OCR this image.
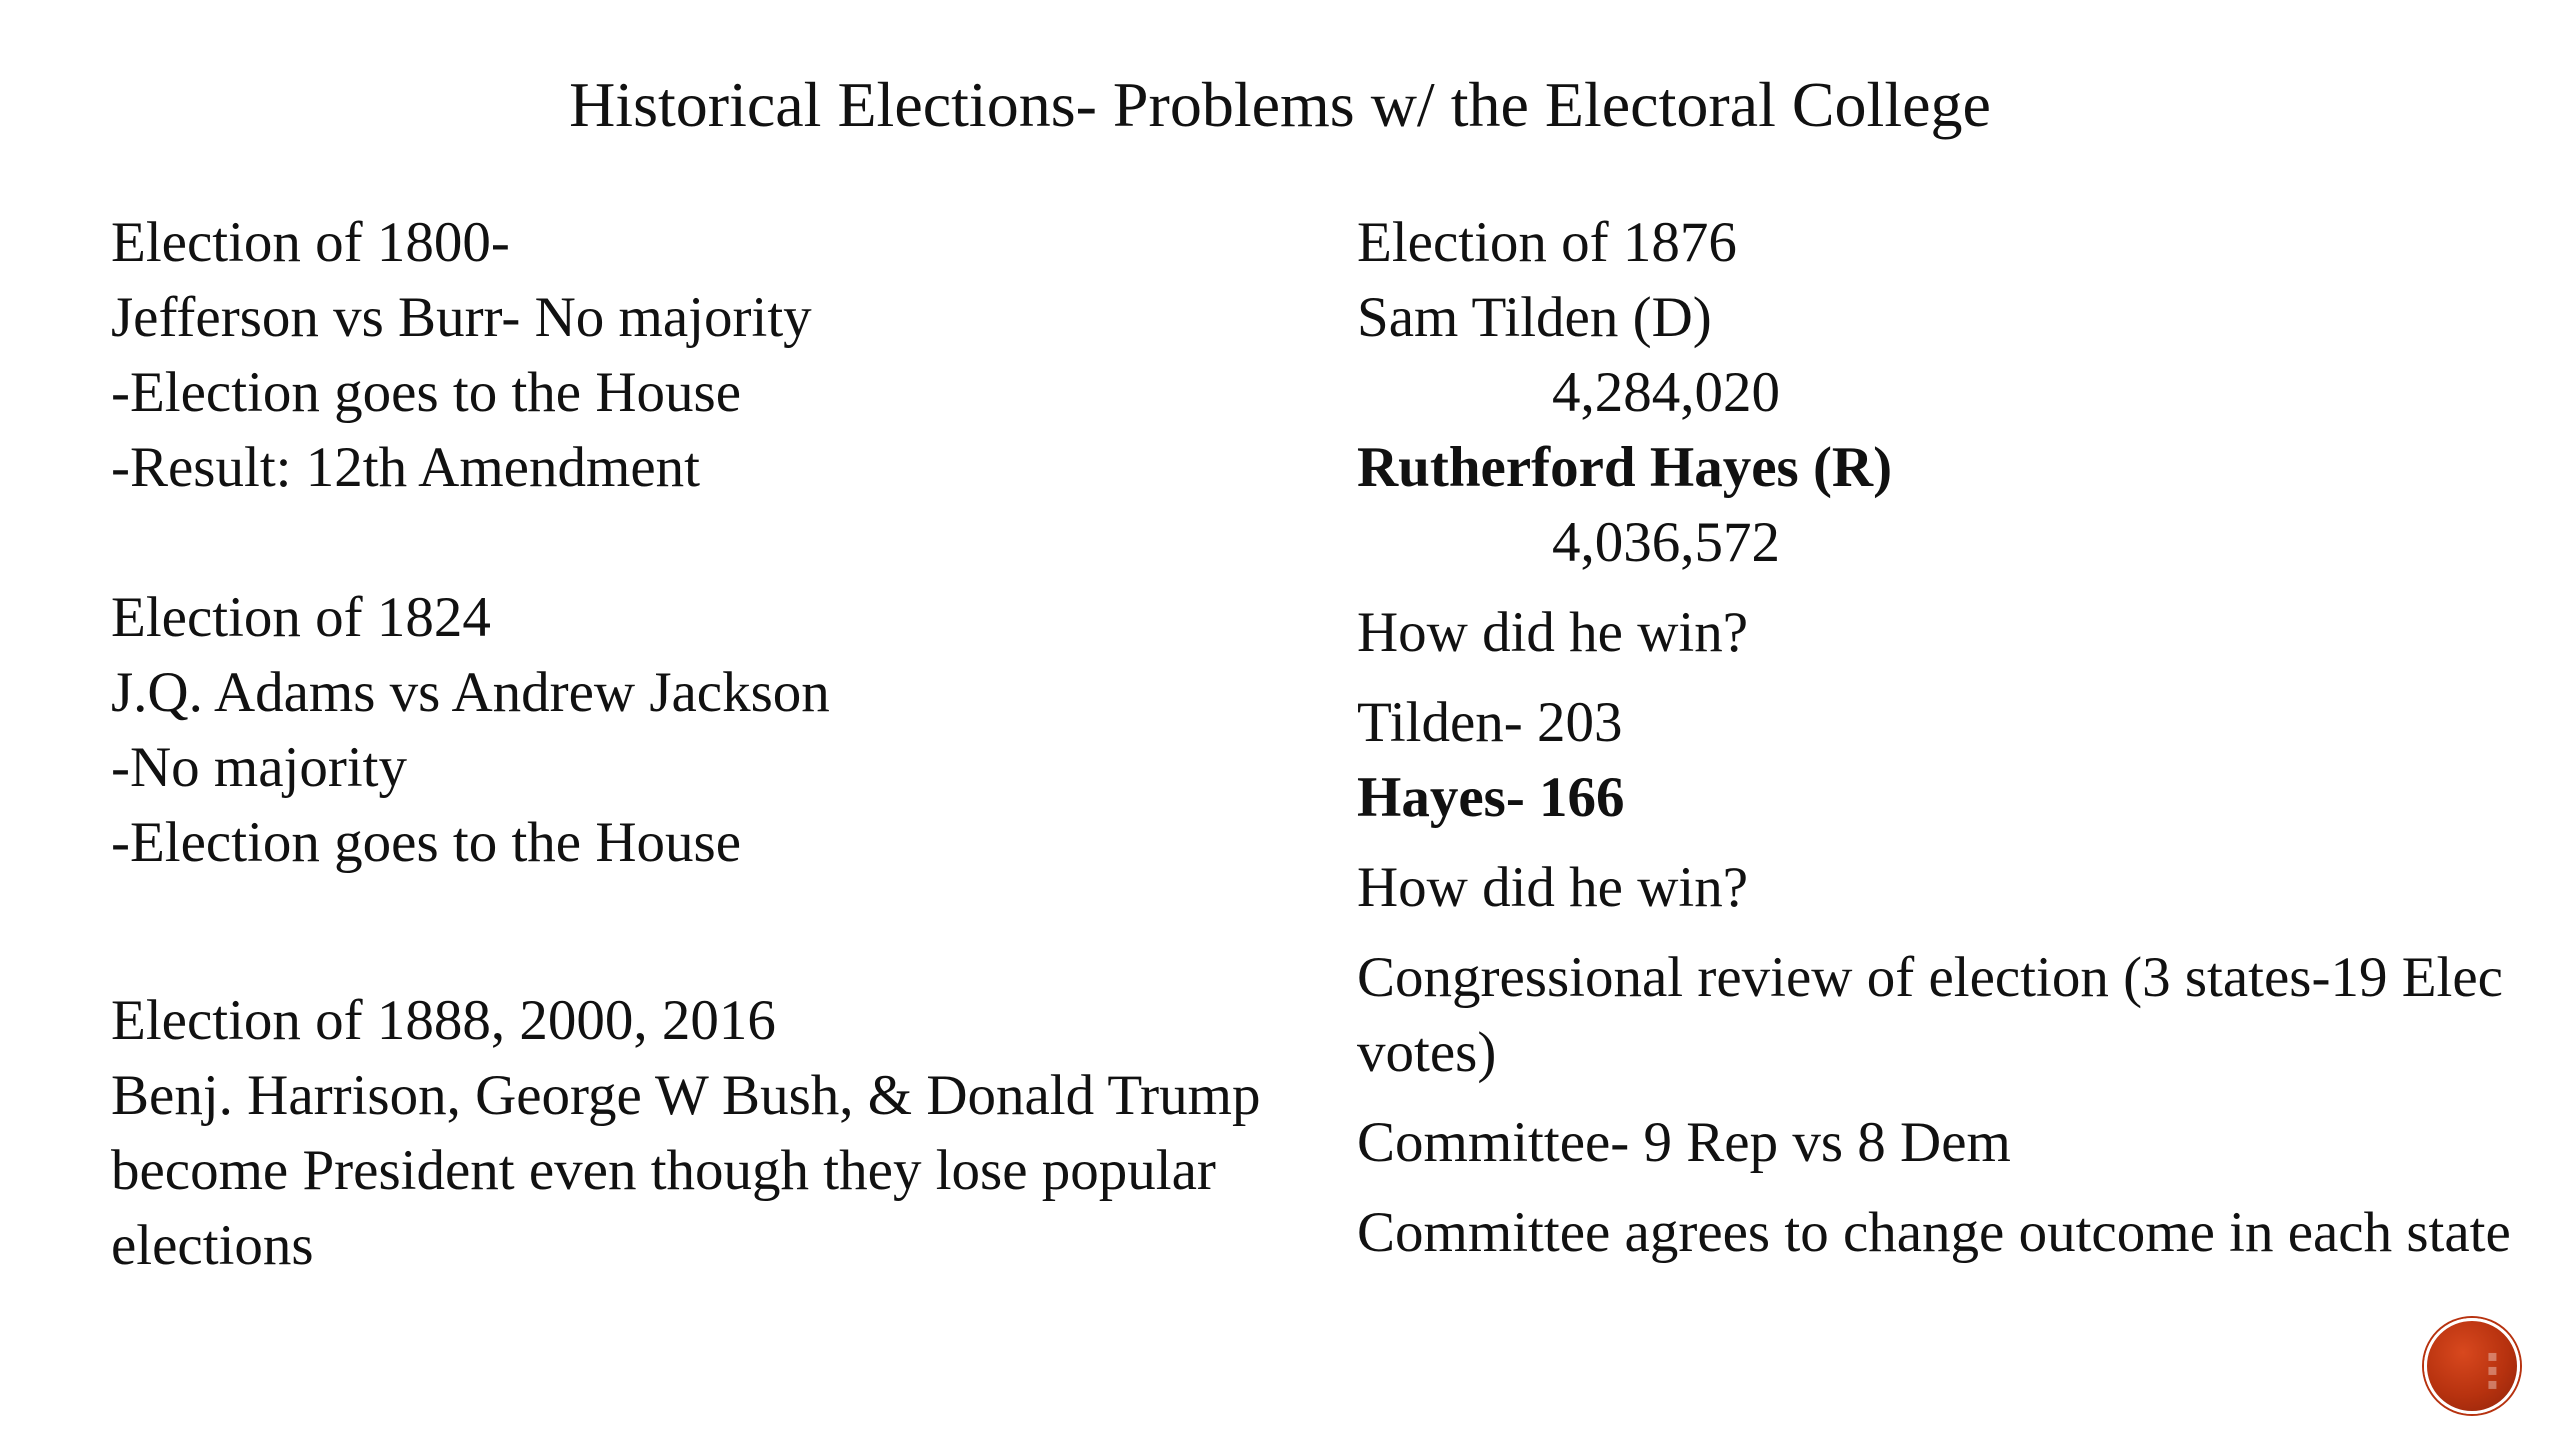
Historical Elections- Problems w/ the Electoral College
Election of 1800-
Jefferson vs Burr- No majority
-Election goes to the House
-Result: 12th Amendment
Election of 1824
J.Q. Adams vs Andrew Jackson
-No majority
-Election goes to the House
Election of 1888, 2000, 2016
Benj. Harrison, George W Bush, & Donald Trump become President even though they lose popular elections
Election of 1876
Sam Tilden (D)
4,284,020
Rutherford Hayes (R)
4,036,572
How did he win?
Tilden- 203
Hayes- 166
How did he win?
Congressional review of election (3 states-19 Elec votes)
Committee- 9 Rep vs 8 Dem
Committee agrees to change outcome in each state
▪
▪
▪
